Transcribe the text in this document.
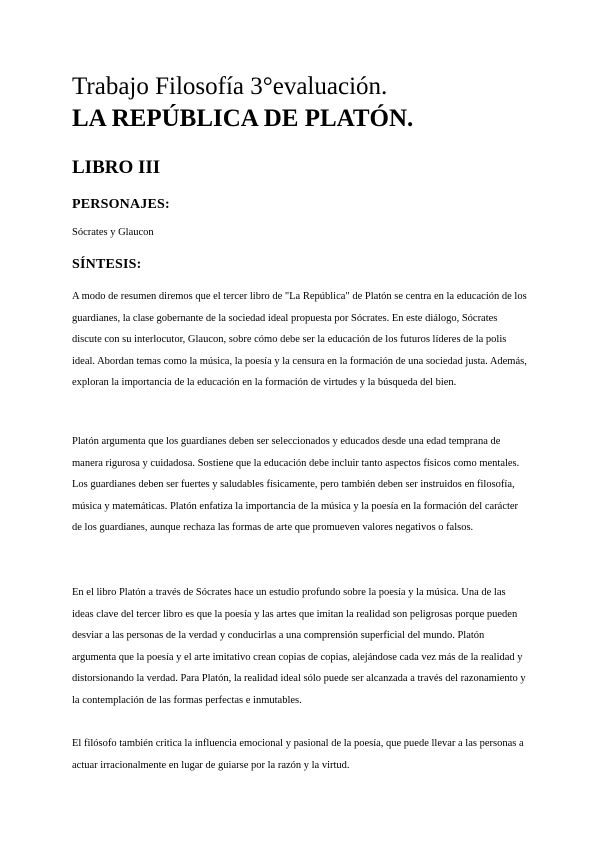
Trabajo Filosofía 3°evaluación.
LA REPÚBLICA DE PLATÓN.
LIBRO III
PERSONAJES:

Sócrates y Glaucon

SÍNTESIS:

A modo de resumen diremos que el tercer libro de "La República" de Platón se centra en la educación de los guardianes, la clase gobernante de la sociedad ideal propuesta por Sócrates. En este diálogo, Sócrates discute con su interlocutor, Glaucon, sobre cómo debe ser la educación de los futuros líderes de la polis ideal. Abordan temas como la música, la poesía y la censura en la formación de una sociedad justa. Además, exploran la importancia de la educación en la formación de virtudes y la búsqueda del bien.

Platón argumenta que los guardianes deben ser seleccionados y educados desde una edad temprana de manera rigurosa y cuidadosa. Sostiene que la educación debe incluir tanto aspectos físicos como mentales. Los guardianes deben ser fuertes y saludables físicamente, pero también deben ser instruidos en filosofía, música y matemáticas. Platón enfatiza la importancia de la música y la poesía en la formación del carácter de los guardianes, aunque rechaza las formas de arte que promueven valores negativos o falsos.

En el libro Platón a través de Sócrates hace un estudio profundo sobre la poesía y la música. Una de las ideas clave del tercer libro es que la poesía y las artes que imitan la realidad son peligrosas porque pueden desviar a las personas de la verdad y conducirlas a una comprensión superficial del mundo. Platón argumenta que la poesía y el arte imitativo crean copias de copias, alejándose cada vez más de la realidad y distorsionando la verdad. Para Platón, la realidad ideal sólo puede ser alcanzada a través del razonamiento y la contemplación de las formas perfectas e inmutables.

El filósofo también critica la influencia emocional y pasional de la poesía, que puede llevar a las personas a actuar irracionalmente en lugar de guiarse por la razón y la virtud.
